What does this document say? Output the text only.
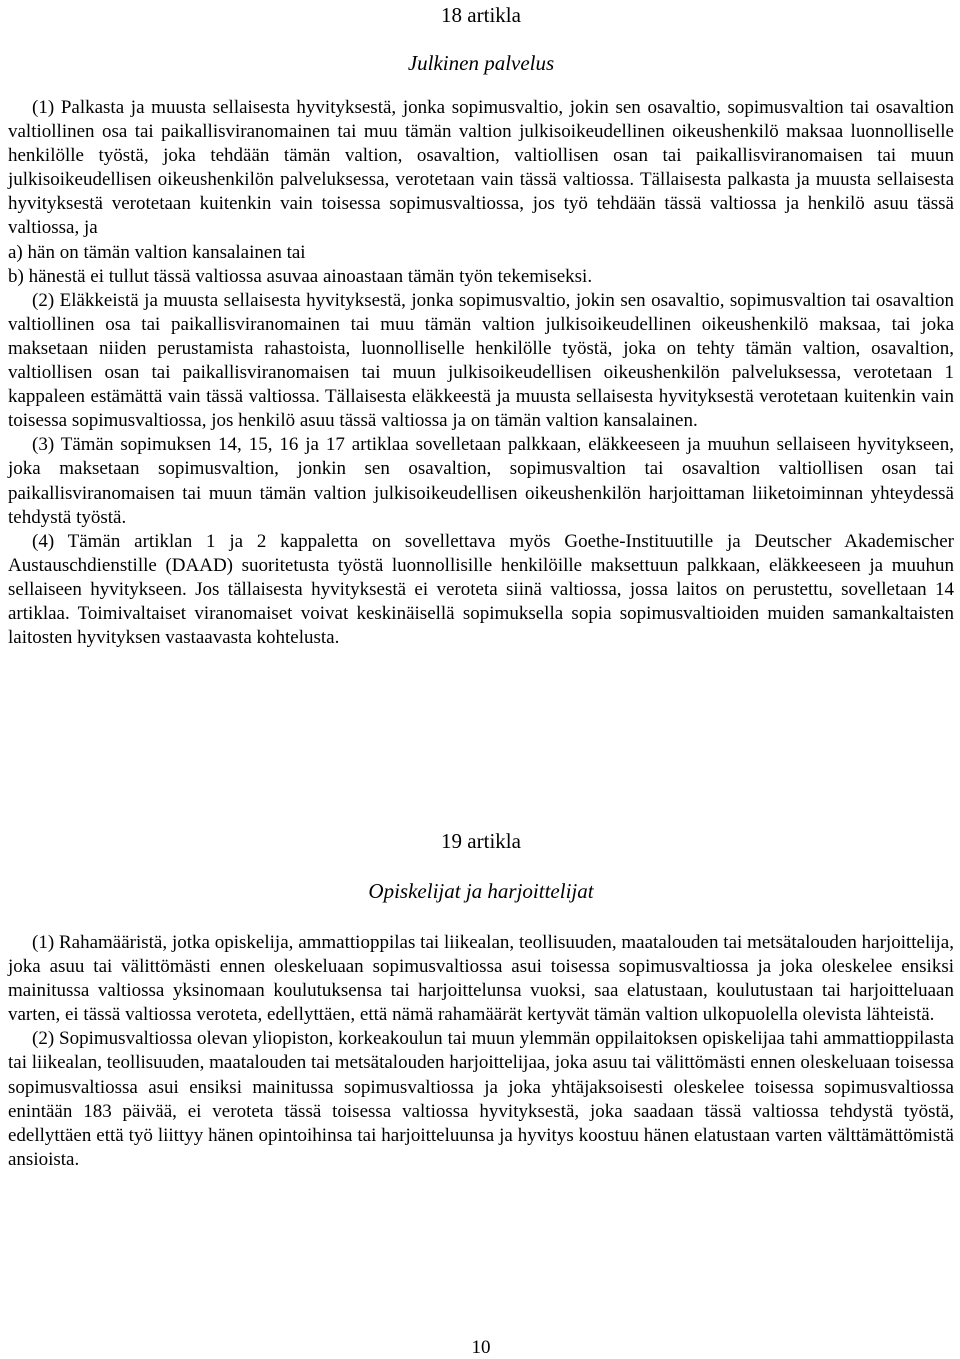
18 artikla

Julkinen palvelus

(1) Palkasta ja muusta sellaisesta hyvityksestä, jonka sopimusvaltio, jokin sen osavaltio, sopimusvaltion tai osavaltion valtiollinen osa tai paikallisviranomainen tai muu tämän valtion julkisoikeudellinen oikeushenkilö maksaa luonnolliselle henkilölle työstä, joka tehdään tämän valtion, osavaltion, valtiollisen osan tai paikallisviranomaisen tai muun julkisoikeudellisen oikeushenkilön palveluksessa, verotetaan vain tässä valtiossa. Tällaisesta palkasta ja muusta sellaisesta hyvityksestä verotetaan kuitenkin vain toisessa sopimusvaltiossa, jos työ tehdään tässä valtiossa ja henkilö asuu tässä valtiossa, ja

a) hän on tämän valtion kansalainen tai

b) hänestä ei tullut tässä valtiossa asuvaa ainoastaan tämän työn tekemiseksi.

(2) Eläkkeistä ja muusta sellaisesta hyvityksestä, jonka sopimusvaltio, jokin sen osavaltio, sopimusvaltion tai osavaltion valtiollinen osa tai paikallisviranomainen tai muu tämän valtion julkisoikeudellinen oikeushenkilö maksaa, tai joka maksetaan niiden perustamista rahastoista, luonnolliselle henkilölle työstä, joka on tehty tämän valtion, osavaltion, valtiollisen osan tai paikallisviranomaisen tai muun julkisoikeudellisen oikeushenkilön palveluksessa, verotetaan 1 kappaleen estämättä vain tässä valtiossa. Tällaisesta eläkkeestä ja muusta sellaisesta hyvityksestä verotetaan kuitenkin vain toisessa sopimusvaltiossa, jos henkilö asuu tässä valtiossa ja on tämän valtion kansalainen.

(3) Tämän sopimuksen 14, 15, 16 ja 17 artiklaa sovelletaan palkkaan, eläkkeeseen ja muuhun sellaiseen hyvitykseen, joka maksetaan sopimusvaltion, jonkin sen osavaltion, sopimusvaltion tai osavaltion valtiollisen osan tai paikallisviranomaisen tai muun tämän valtion julkisoikeudellisen oikeushenkilön harjoittaman liiketoiminnan yhteydessä tehdystä työstä.

(4) Tämän artiklan 1 ja 2 kappaletta on sovellettava myös Goethe-Instituutille ja Deutscher Akademischer Austauschdienstille (DAAD) suoritetusta työstä luonnollisille henkilöille maksettuun palkkaan, eläkkeeseen ja muuhun sellaiseen hyvitykseen. Jos tällaisesta hyvityksestä ei veroteta siinä valtiossa, jossa laitos on perustettu, sovelletaan 14 artiklaa. Toimivaltaiset viranomaiset voivat keskinäisellä sopimuksella sopia sopimusvaltioiden muiden samankaltaisten laitosten hyvityksen vastaavasta kohtelusta.

19 artikla

Opiskelijat ja harjoittelijat

(1) Rahamääristä, jotka opiskelija, ammattioppilas tai liikealan, teollisuuden, maatalouden tai metsätalouden harjoittelija, joka asuu tai välittömästi ennen oleskeluaan sopimusvaltiossa asui toisessa sopimusvaltiossa ja joka oleskelee ensiksi mainitussa valtiossa yksinomaan koulutuksensa tai harjoittelunsa vuoksi, saa elatustaan, koulutustaan tai harjoitteluaan varten, ei tässä valtiossa veroteta, edellyttäen, että nämä rahamäärät kertyvät tämän valtion ulkopuolella olevista lähteistä.

(2) Sopimusvaltiossa olevan yliopiston, korkeakoulun tai muun ylemmän oppilaitoksen opiskelijaa tahi ammattioppilasta tai liikealan, teollisuuden, maatalouden tai metsätalouden harjoittelijaa, joka asuu tai välittömästi ennen oleskeluaan toisessa sopimusvaltiossa asui ensiksi mainitussa sopimusvaltiossa ja joka yhtäjaksoisesti oleskelee toisessa sopimusvaltiossa enintään 183 päivää, ei veroteta tässä toisessa valtiossa hyvityksestä, joka saadaan tässä valtiossa tehdystä työstä, edellyttäen että työ liittyy hänen opintoihinsa tai harjoitteluunsa ja hyvitys koostuu hänen elatustaan varten välttämättömistä ansioista.

10
